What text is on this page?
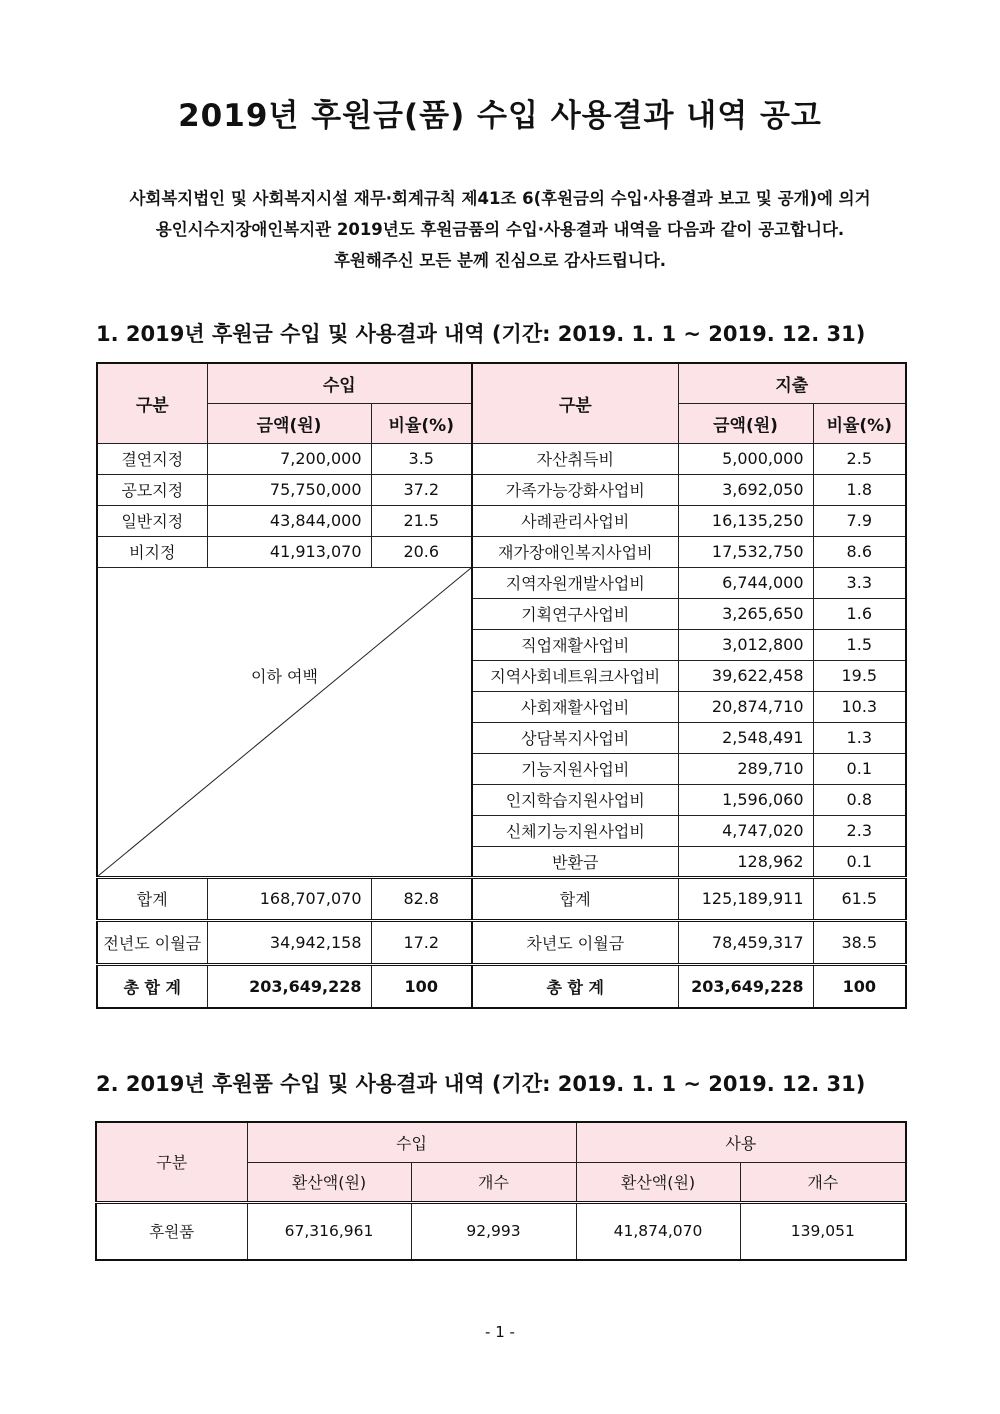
2019년 후원금(품) 수입 사용결과 내역 공고
사회복지법인 및 사회복지시설 재무·회계규칙 제41조 6(후원금의 수입·사용결과 보고 및 공개)에 의거
용인시수지장애인복지관 2019년도 후원금품의 수입·사용결과 내역을 다음과 같이 공고합니다.
후원해주신 모든 분께 진심으로 감사드립니다.
1. 2019년 후원금 수입 및 사용결과 내역 (기간: 2019. 1. 1 ~ 2019. 12. 31)
구분	수입		구분	지출	
	금액(원)	비율(%)		금액(원)	비율(%)
결연지정	7,200,000	3.5	자산취득비	5,000,000	2.5
공모지정	75,750,000	37.2	가족가능강화사업비	3,692,050	1.8
일반지정	43,844,000	21.5	사례관리사업비	16,135,250	7.9
비지정	41,913,070	20.6	재가장애인복지사업비	17,532,750	8.6

이하 여백			지역자원개발사업비	6,744,000	3.3
			기획연구사업비	3,265,650	1.6
			직업재활사업비	3,012,800	1.5
			지역사회네트워크사업비	39,622,458	19.5
			사회재활사업비	20,874,710	10.3
			상담복지사업비	2,548,491	1.3
			기능지원사업비	289,710	0.1
			인지학습지원사업비	1,596,060	0.8
			신체기능지원사업비	4,747,020	2.3
			반환금	128,962	0.1
합계	168,707,070	82.8	합계	125,189,911	61.5
전년도 이월금	34,942,158	17.2	차년도 이월금	78,459,317	38.5
총 합 계	203,649,228	100	총 합 계	203,649,228	100
2. 2019년 후원품 수입 및 사용결과 내역 (기간: 2019. 1. 1 ~ 2019. 12. 31)
구분	수입		사용	
	환산액(원)	개수	환산액(원)	개수
후원품	67,316,961	92,993	41,874,070	139,051
- 1 -
